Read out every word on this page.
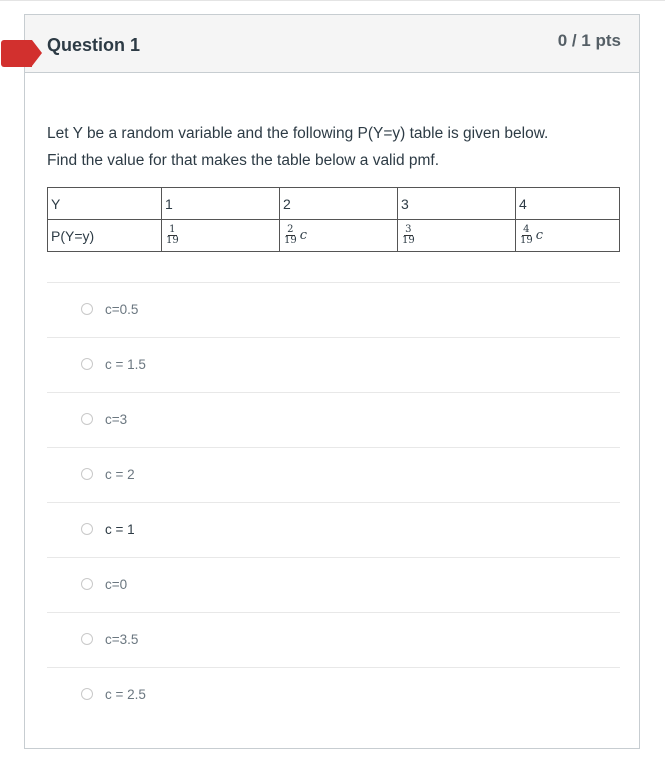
Question 1	0 / 1 pts
Let Y be a random variable and the following P(Y=y) table is given below.
Find the value for that makes the table below a valid pmf.
Y	1	2	3	4
P(Y=y)	$\frac{1}{19}$	$\frac{2}{19}$ c	$\frac{3}{19}$	$\frac{4}{19}$ c
c=0.5
c = 1.5
c=3
c = 2
c = 1
c=0
c=3.5
c = 2.5
